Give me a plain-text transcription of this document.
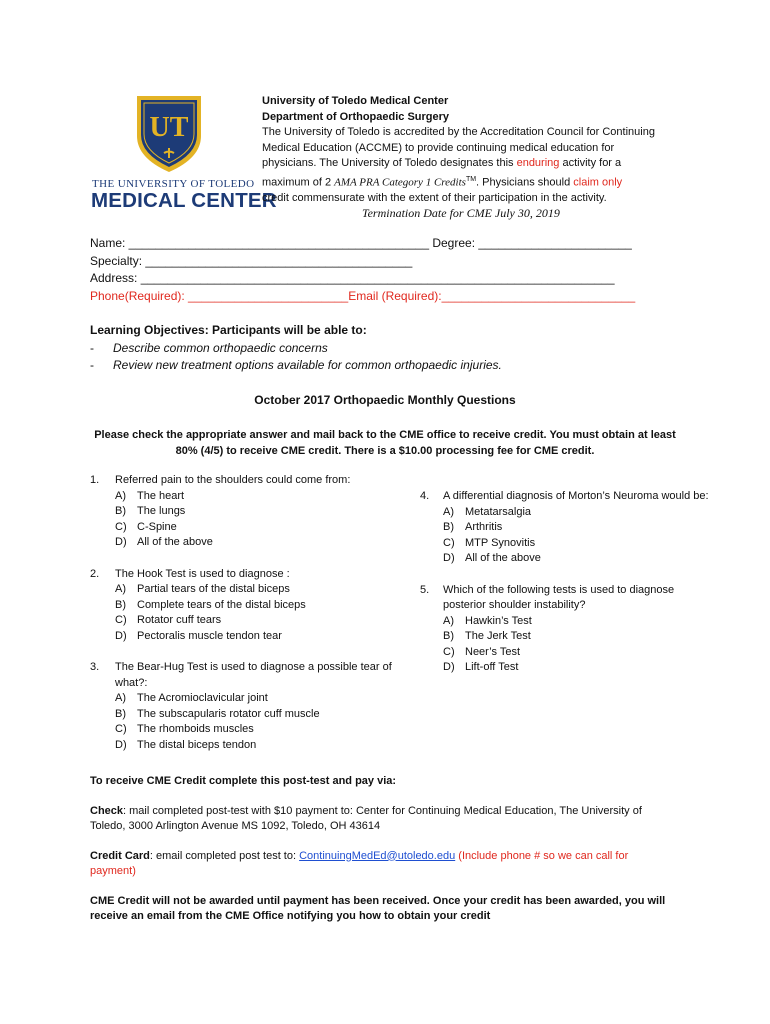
UT
THE UNIVERSITY OF TOLEDO
MEDICAL CENTER
University of Toledo Medical Center
Department of Orthopaedic Surgery
The University of Toledo is accredited by the Accreditation Council for Continuing
Medical Education (ACCME) to provide continuing medical education for
physicians. The University of Toledo designates this enduring activity for a
maximum of 2 AMA PRA Category 1 Credits™. Physicians should claim only
credit commensurate with the extent of their participation in the activity.
Termination Date for CME July 30, 2019
Name: _____________________________________________ Degree: _______________________
Specialty: ________________________________________
Address: _______________________________________________________________________
Phone(Required): ________________________Email (Required):_____________________________
Learning Objectives: Participants will be able to:
- Describe common orthopaedic concerns
- Review new treatment options available for common orthopaedic injuries.
October 2017 Orthopaedic Monthly Questions
Please check the appropriate answer and mail back to the CME office to receive credit. You must obtain at least
80% (4/5) to receive CME credit. There is a $10.00 processing fee for CME credit.
1. Referred pain to the shoulders could come from:
A) The heart
B) The lungs
C) C-Spine
D) All of the above
2. The Hook Test is used to diagnose :
A) Partial tears of the distal biceps
B) Complete tears of the distal biceps
C) Rotator cuff tears
D) Pectoralis muscle tendon tear
3. The Bear-Hug Test is used to diagnose a possible tear of
what?:
A) The Acromioclavicular joint
B) The subscapularis rotator cuff muscle
C) The rhomboids muscles
D) The distal biceps tendon
4. A differential diagnosis of Morton’s Neuroma would be:
A) Metatarsalgia
B) Arthritis
C) MTP Synovitis
D) All of the above
5. Which of the following tests is used to diagnose
posterior shoulder instability?
A) Hawkin’s Test
B) The Jerk Test
C) Neer’s Test
D) Lift-off Test
To receive CME Credit complete this post-test and pay via:
Check: mail completed post-test with $10 payment to: Center for Continuing Medical Education, The University of
Toledo, 3000 Arlington Avenue MS 1092, Toledo, OH 43614
Credit Card: email completed post test to: ContinuingMedEd@utoledo.edu (Include phone # so we can call for
payment)
CME Credit will not be awarded until payment has been received. Once your credit has been awarded, you will
receive an email from the CME Office notifying you how to obtain your credit
